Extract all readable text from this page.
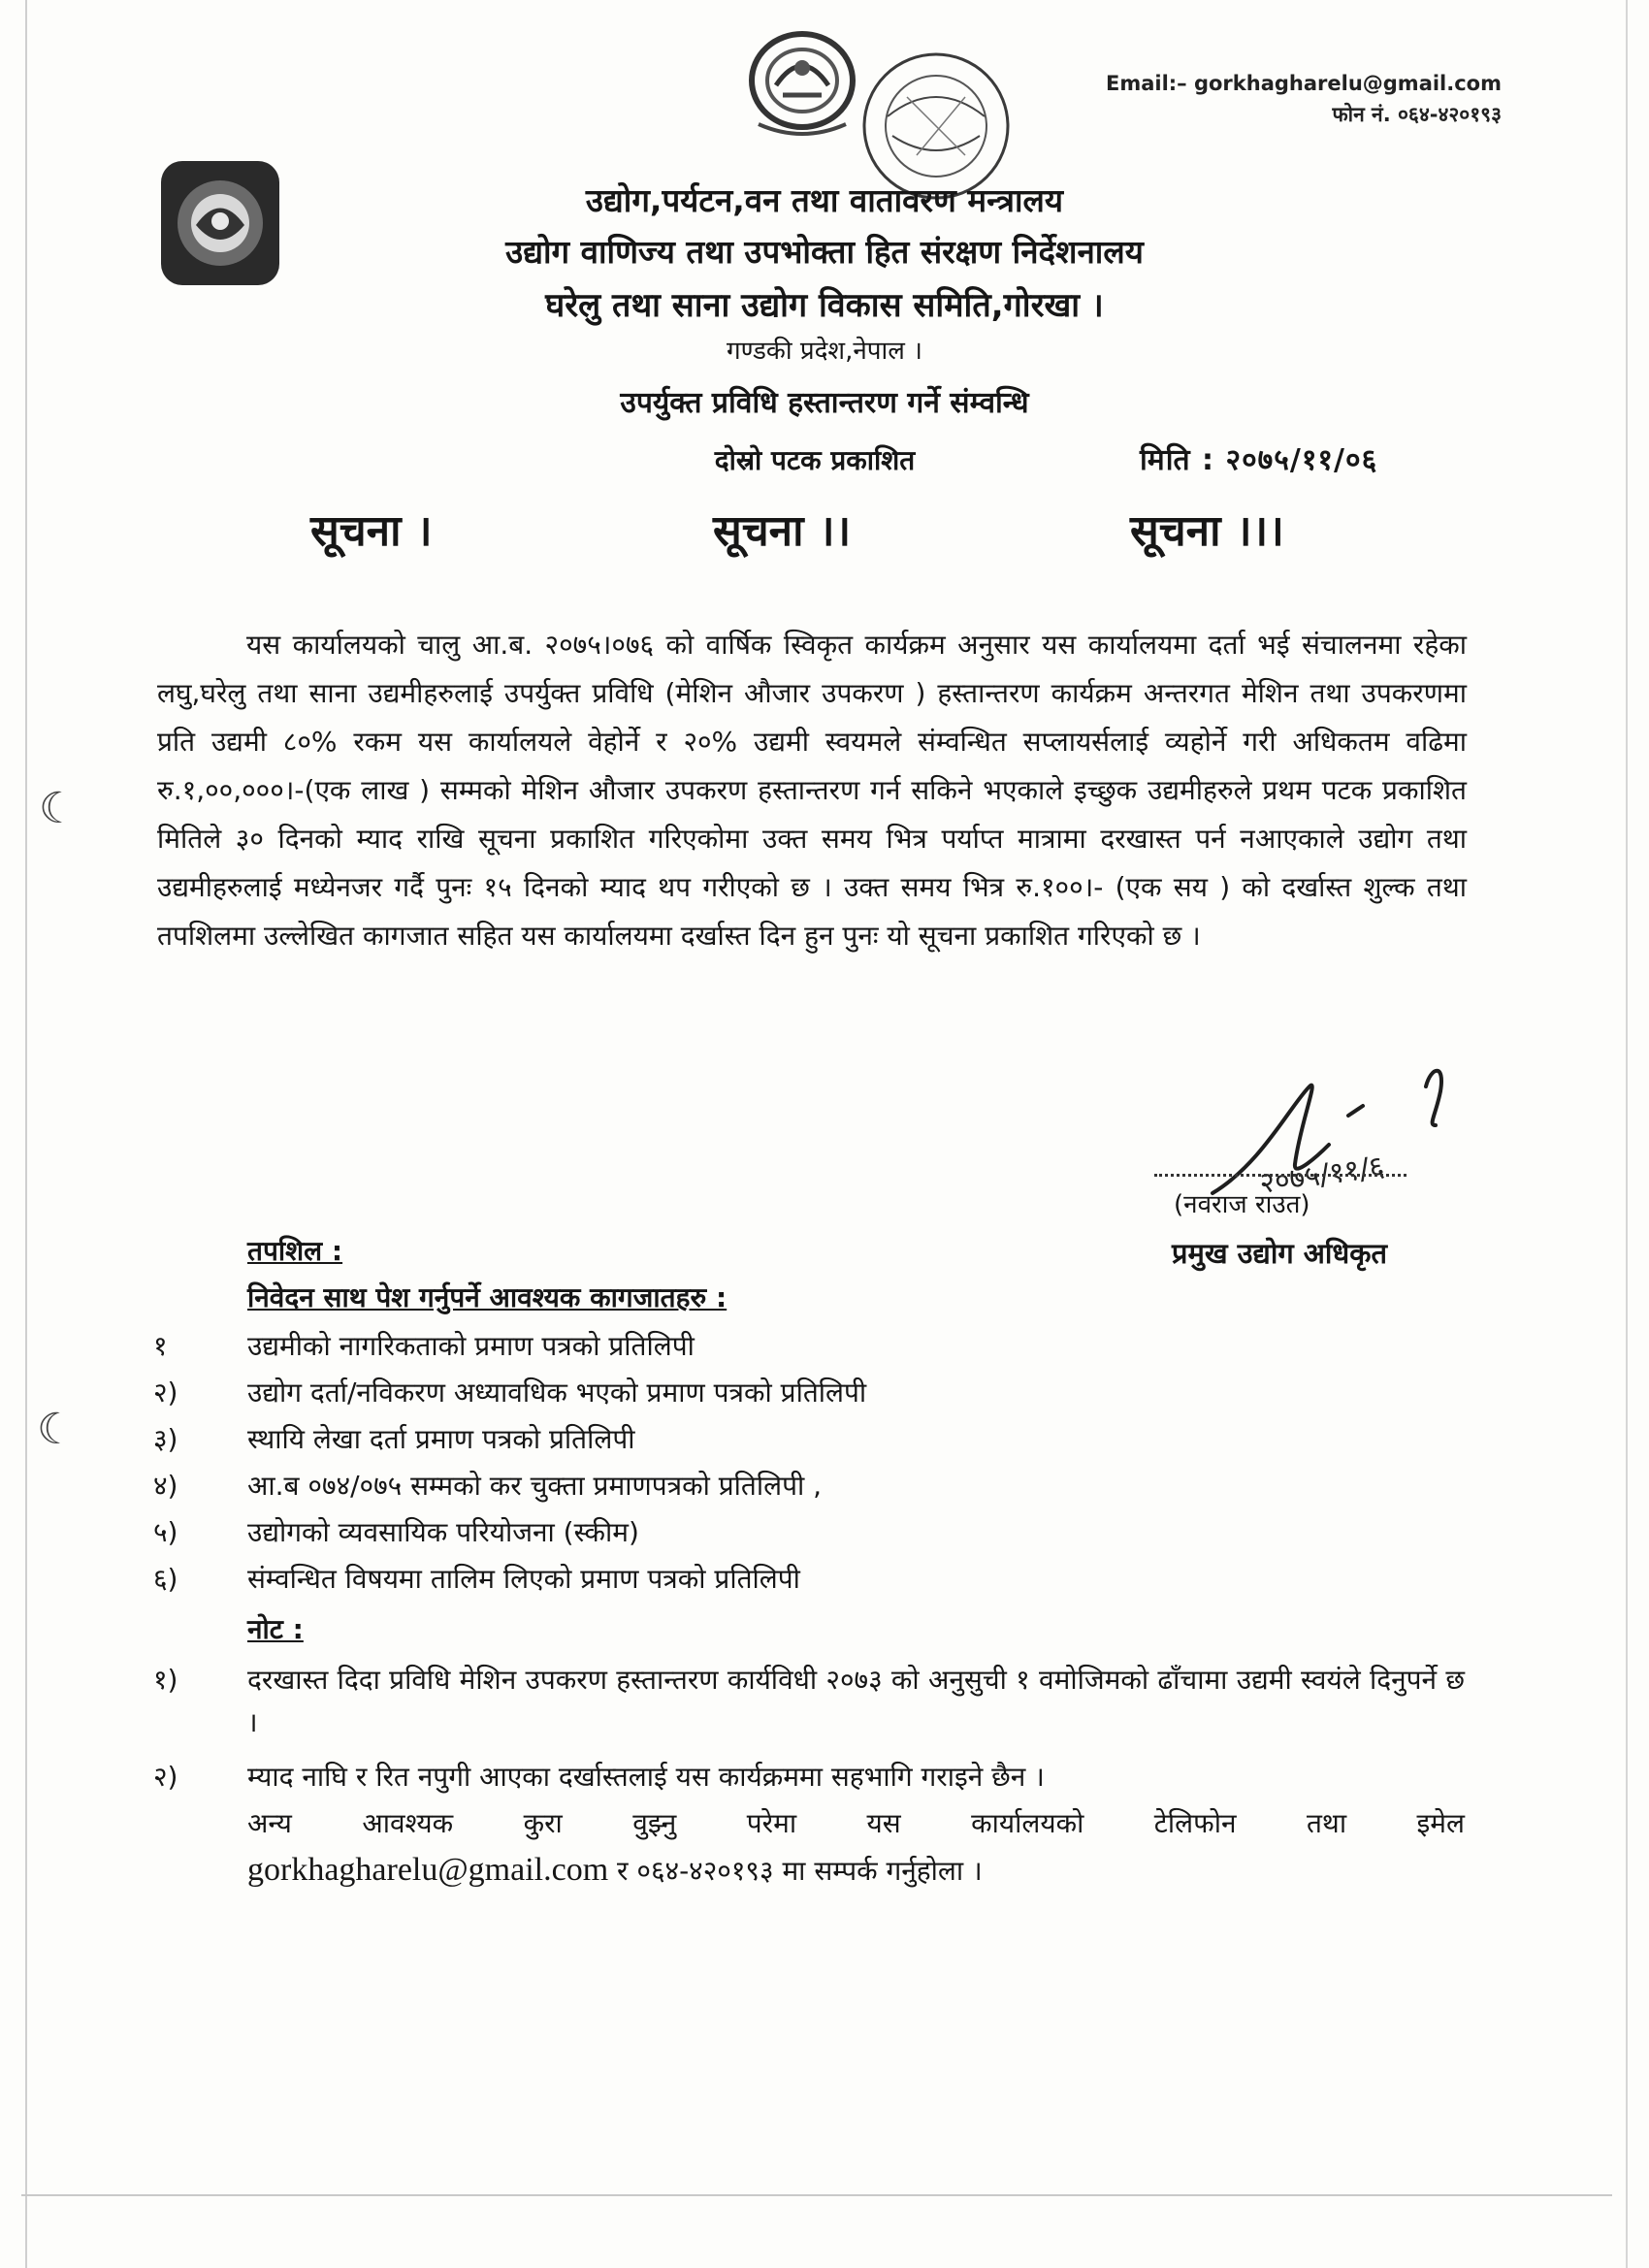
Email:– gorkhagharelu@gmail.com
फोन नं. ०६४-४२०१९३
उद्योग,पर्यटन,वन तथा वातावरण मन्त्रालय
उद्योग वाणिज्य तथा उपभोक्ता हित संरक्षण निर्देशनालय
घरेलु तथा साना उद्योग विकास समिति,गोरखा ।
गण्डकी प्रदेश,नेपाल ।
उपर्युक्त प्रविधि हस्तान्तरण गर्ने संम्वन्धि
दोस्रो पटक प्रकाशित	मिति : २०७५/११/०६
सूचना ।	सूचना ।।	सूचना ।।।
यस कार्यालयको चालु आ.ब. २०७५।०७६ को वार्षिक स्विकृत कार्यक्रम अनुसार यस कार्यालयमा दर्ता भई संचालनमा रहेका लघु,घरेलु तथा साना उद्यमीहरुलाई उपर्युक्त प्रविधि (मेशिन औजार उपकरण ) हस्तान्तरण कार्यक्रम अन्तरगत मेशिन तथा उपकरणमा प्रति उद्यमी ८०% रकम यस कार्यालयले वेहोर्ने र २०% उद्यमी स्वयमले संम्वन्धित सप्लायर्सलाई व्यहोर्ने गरी अधिकतम वढिमा रु.१,००,०००।-(एक लाख ) सम्मको मेशिन औजार उपकरण हस्तान्तरण गर्न सकिने भएकाले इच्छुक उद्यमीहरुले प्रथम पटक प्रकाशित मितिले ३० दिनको म्याद राखि सूचना प्रकाशित गरिएकोमा उक्त समय भित्र पर्याप्त मात्रामा दरखास्त पर्न नआएकाले उद्योग तथा उद्यमीहरुलाई मध्येनजर गर्दै पुनः १५ दिनको म्याद थप गरीएको छ । उक्त समय भित्र रु.१००।- (एक सय ) को दर्खास्त शुल्क तथा तपशिलमा उल्लेखित कागजात सहित यस कार्यालयमा दर्खास्त दिन हुन पुनः यो सूचना प्रकाशित गरिएको छ ।
☾
☾
२०७५/११/६
(नवराज राउत)
प्रमुख उद्योग अधिकृत
तपशिल :
निवेदन साथ पेश गर्नुपर्ने आवश्यक कागजातहरु :
१	उद्यमीको नागरिकताको प्रमाण पत्रको प्रतिलिपी
२)	उद्योग दर्ता/नविकरण अध्यावधिक भएको प्रमाण पत्रको प्रतिलिपी
३)	स्थायि लेखा दर्ता प्रमाण पत्रको प्रतिलिपी
४)	आ.ब ०७४/०७५ सम्मको कर चुक्ता प्रमाणपत्रको प्रतिलिपी ,
५)	उद्योगको व्यवसायिक परियोजना (स्कीम)
६)	संम्वन्धित विषयमा तालिम लिएको प्रमाण पत्रको प्रतिलिपी
नोट :
१)	दरखास्त दिदा प्रविधि मेशिन उपकरण हस्तान्तरण कार्यविधी २०७३ को अनुसुची १ वमोजिमको ढाँचामा उद्यमी स्वयंले दिनुपर्ने छ ।
२)	म्याद नाघि र रित नपुगी आएका दर्खास्तलाई यस कार्यक्रममा सहभागि गराइने छैन ।
अन्य आवश्यक कुरा वुझ्नु परेमा यस कार्यालयको टेलिफोन तथा इमेल
gorkhagharelu@gmail.com र ०६४-४२०१९३ मा सम्पर्क गर्नुहोला ।
